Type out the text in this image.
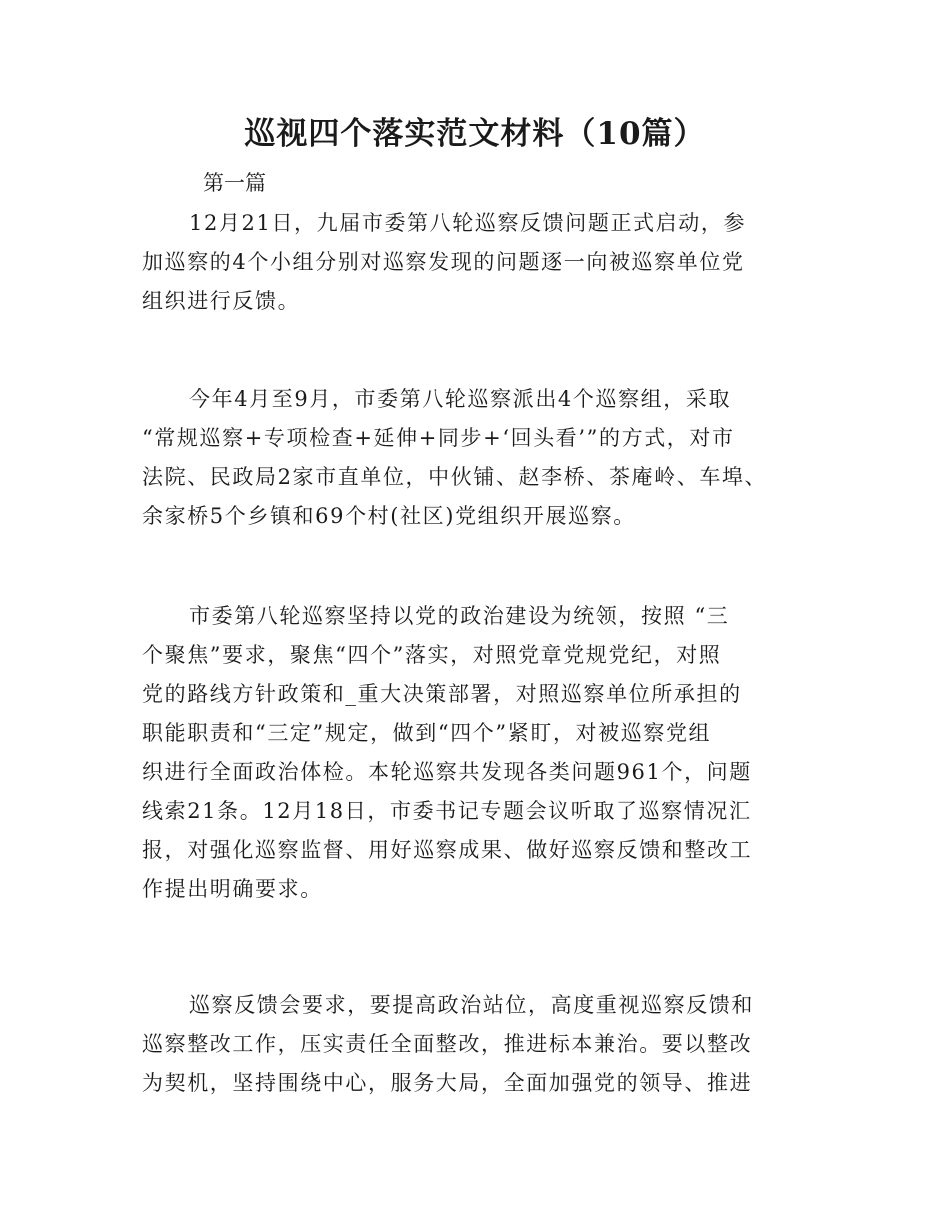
巡视四个落实范文材料（10篇）

第一篇

12月21日，九届市委第八轮巡察反馈问题正式启动，参
加巡察的4个小组分别对巡察发现的问题逐一向被巡察单位党
组织进行反馈。

今年4月至9月，市委第八轮巡察派出4个巡察组，采取
“常规巡察+专项检查+延伸+同步+‘回头看’”的方式，对市
法院、民政局2家市直单位，中伙铺、赵李桥、茶庵岭、车埠、
余家桥5个乡镇和69个村(社区)党组织开展巡察。

市委第八轮巡察坚持以党的政治建设为统领，按照 “三
个聚焦”要求，聚焦“四个”落实，对照党章党规党纪，对照
党的路线方针政策和_重大决策部署，对照巡察单位所承担的
职能职责和“三定”规定，做到“四个”紧盯，对被巡察党组
织进行全面政治体检。本轮巡察共发现各类问题961个，问题
线索21条。12月18日，市委书记专题会议听取了巡察情况汇
报，对强化巡察监督、用好巡察成果、做好巡察反馈和整改工
作提出明确要求。

巡察反馈会要求，要提高政治站位，高度重视巡察反馈和
巡察整改工作，压实责任全面整改，推进标本兼治。要以整改
为契机，坚持围绕中心，服务大局，全面加强党的领导、推进
